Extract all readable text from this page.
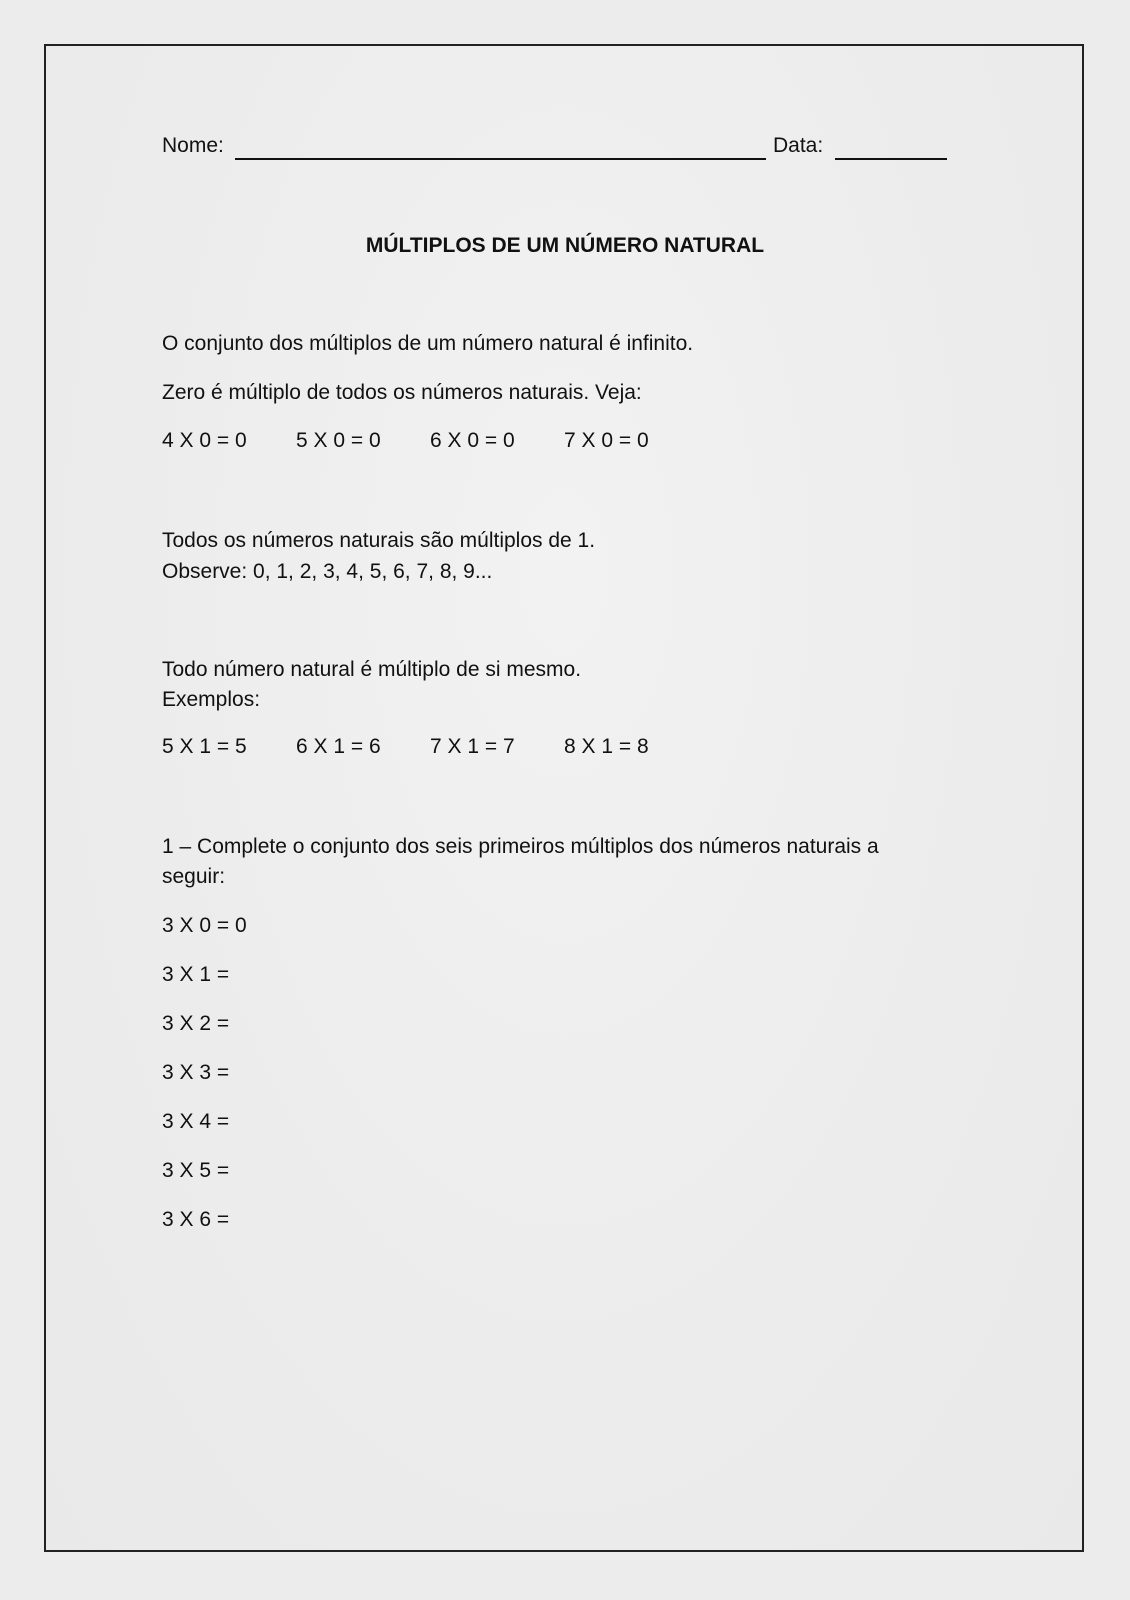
Nome:	Data:
MÚLTIPLOS DE UM NÚMERO NATURAL
O conjunto dos múltiplos de um número natural é infinito.
Zero é múltiplo de todos os números naturais. Veja:
4 X 0 = 0 5 X 0 = 0 6 X 0 = 0 7 X 0 = 0
Todos os números naturais são múltiplos de 1.
Observe: 0, 1, 2, 3, 4, 5, 6, 7, 8, 9...
Todo número natural é múltiplo de si mesmo.
Exemplos:
5 X 1 = 5 6 X 1 = 6 7 X 1 = 7 8 X 1 = 8
1 – Complete o conjunto dos seis primeiros múltiplos dos números naturais a
seguir:
3 X 0 = 0
3 X 1 =
3 X 2 =
3 X 3 =
3 X 4 =
3 X 5 =
3 X 6 =
